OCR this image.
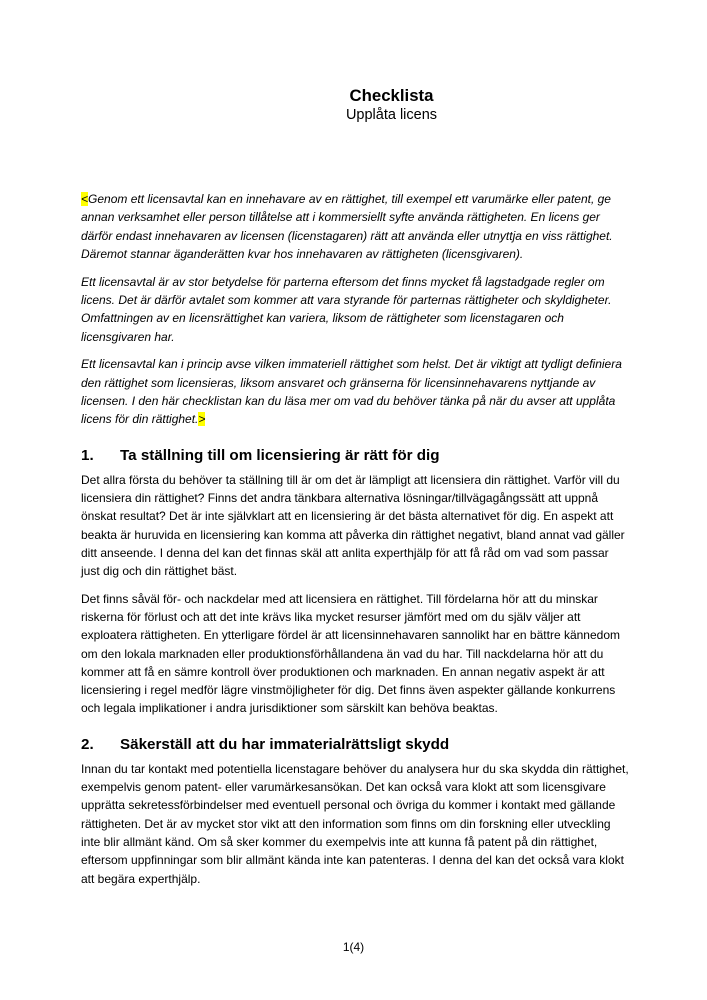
Checklista
Upplåta licens

<Genom ett licensavtal kan en innehavare av en rättighet, till exempel ett varumärke eller patent, ge annan verksamhet eller person tillåtelse att i kommersiellt syfte använda rättigheten. En licens ger därför endast innehavaren av licensen (licenstagaren) rätt att använda eller utnyttja en viss rättighet. Däremot stannar äganderätten kvar hos innehavaren av rättigheten (licensgivaren).

Ett licensavtal är av stor betydelse för parterna eftersom det finns mycket få lagstadgade regler om licens. Det är därför avtalet som kommer att vara styrande för parternas rättigheter och skyldigheter. Omfattningen av en licensrättighet kan variera, liksom de rättigheter som licenstagaren och licensgivaren har.

Ett licensavtal kan i princip avse vilken immateriell rättighet som helst. Det är viktigt att tydligt definiera den rättighet som licensieras, liksom ansvaret och gränserna för licensinnehavarens nyttjande av licensen. I den här checklistan kan du läsa mer om vad du behöver tänka på när du avser att upplåta licens för din rättighet.>

1. Ta ställning till om licensiering är rätt för dig

Det allra första du behöver ta ställning till är om det är lämpligt att licensiera din rättighet. Varför vill du licensiera din rättighet? Finns det andra tänkbara alternativa lösningar/tillvägagångssätt att uppnå önskat resultat? Det är inte självklart att en licensiering är det bästa alternativet för dig. En aspekt att beakta är huruvida en licensiering kan komma att påverka din rättighet negativt, bland annat vad gäller ditt anseende. I denna del kan det finnas skäl att anlita experthjälp för att få råd om vad som passar just dig och din rättighet bäst.

Det finns såväl för- och nackdelar med att licensiera en rättighet. Till fördelarna hör att du minskar riskerna för förlust och att det inte krävs lika mycket resurser jämfört med om du själv väljer att exploatera rättigheten. En ytterligare fördel är att licensinnehavaren sannolikt har en bättre kännedom om den lokala marknaden eller produktionsförhållandena än vad du har. Till nackdelarna hör att du kommer att få en sämre kontroll över produktionen och marknaden. En annan negativ aspekt är att licensiering i regel medför lägre vinstmöjligheter för dig. Det finns även aspekter gällande konkurrens och legala implikationer i andra jurisdiktioner som särskilt kan behöva beaktas.

2. Säkerställ att du har immaterialrättsligt skydd

Innan du tar kontakt med potentiella licenstagare behöver du analysera hur du ska skydda din rättighet, exempelvis genom patent- eller varumärkesansökan. Det kan också vara klokt att som licensgivare upprätta sekretessförbindelser med eventuell personal och övriga du kommer i kontakt med gällande rättigheten. Det är av mycket stor vikt att den information som finns om din forskning eller utveckling inte blir allmänt känd. Om så sker kommer du exempelvis inte att kunna få patent på din rättighet, eftersom uppfinningar som blir allmänt kända inte kan patenteras. I denna del kan det också vara klokt att begära experthjälp.

1(4)
